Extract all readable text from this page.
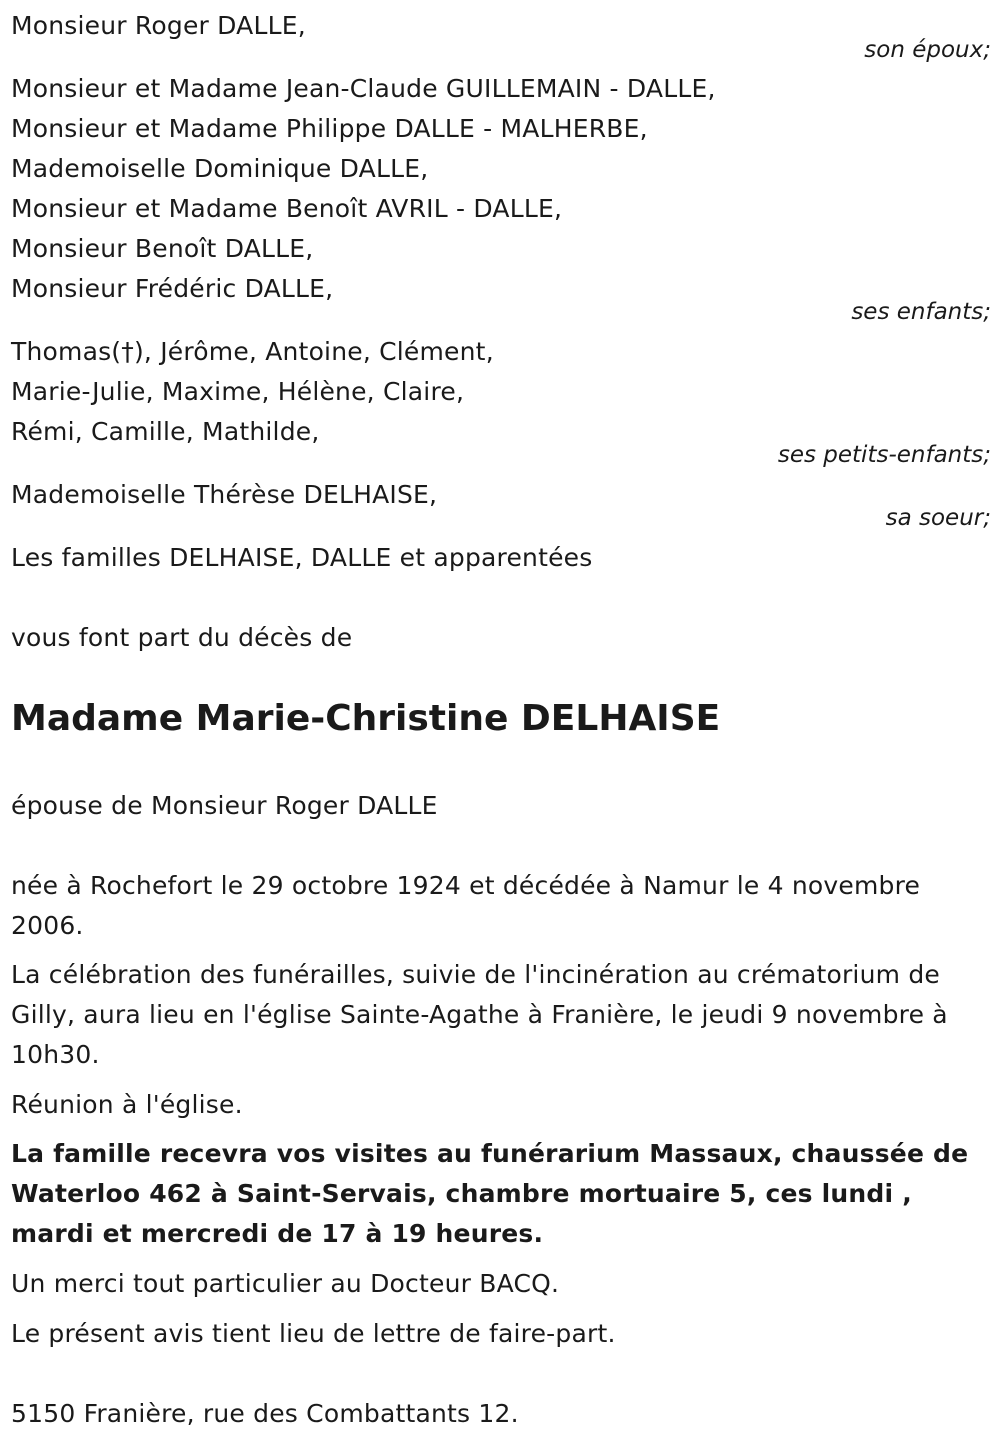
Monsieur Roger DALLE,
son époux;
Monsieur et Madame Jean-Claude GUILLEMAIN - DALLE,
Monsieur et Madame Philippe DALLE - MALHERBE,
Mademoiselle Dominique DALLE,
Monsieur et Madame Benoît AVRIL - DALLE,
Monsieur Benoît DALLE,
Monsieur Frédéric DALLE,
ses enfants;
Thomas(†), Jérôme, Antoine, Clément,
Marie-Julie, Maxime, Hélène, Claire,
Rémi, Camille, Mathilde,
ses petits-enfants;
Mademoiselle Thérèse DELHAISE,
sa soeur;
Les familles DELHAISE, DALLE et apparentées
vous font part du décès de
Madame Marie-Christine DELHAISE
épouse de Monsieur Roger DALLE
née à Rochefort le 29 octobre 1924 et décédée à Namur le 4 novembre 2006.
La célébration des funérailles, suivie de l'incinération au crématorium de Gilly, aura lieu en l'église Sainte-Agathe à Franière, le jeudi 9 novembre à 10h30.
Réunion à l'église.
La famille recevra vos visites au funérarium Massaux, chaussée de Waterloo 462 à Saint-Servais, chambre mortuaire 5, ces lundi , mardi et mercredi de 17 à 19 heures.
Un merci tout particulier au Docteur BACQ.
Le présent avis tient lieu de lettre de faire-part.
5150 Franière, rue des Combattants 12.
